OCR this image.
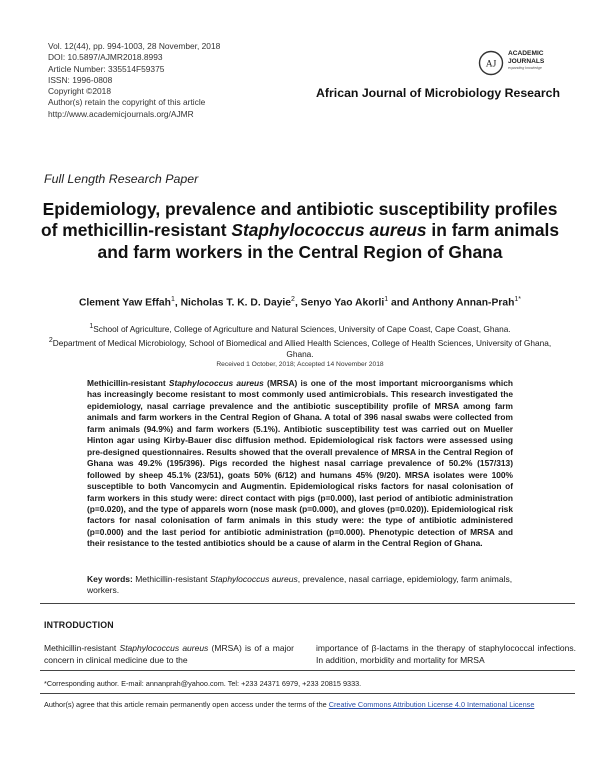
Vol. 12(44), pp. 994-1003, 28 November, 2018
DOI: 10.5897/AJMR2018.8993
Article Number: 335514F59375
ISSN: 1996-0808
Copyright ©2018
Author(s) retain the copyright of this article
http://www.academicjournals.org/AJMR
AJ
ACADEMIC
JOURNALS
expanding knowledge
African Journal of Microbiology Research
Full Length Research Paper
Epidemiology, prevalence and antibiotic susceptibility profiles of methicillin-resistant Staphylococcus aureus in farm animals and farm workers in the Central Region of Ghana
Clement Yaw Effah$^1$, Nicholas T. K. D. Dayie$^2$, Senyo Yao Akorli$^1$ and Anthony Annan-Prah$^{1*}$
$^1$School of Agriculture, College of Agriculture and Natural Sciences, University of Cape Coast, Cape Coast, Ghana.
$^2$Department of Medical Microbiology, School of Biomedical and Allied Health Sciences, College of Health Sciences, University of Ghana, Ghana.
Received 1 October, 2018; Accepted 14 November 2018
Methicillin-resistant Staphylococcus aureus (MRSA) is one of the most important microorganisms which has increasingly become resistant to most commonly used antimicrobials. This research investigated the epidemiology, nasal carriage prevalence and the antibiotic susceptibility profile of MRSA among farm animals and farm workers in the Central Region of Ghana. A total of 396 nasal swabs were collected from farm animals (94.9%) and farm workers (5.1%). Antibiotic susceptibility test was carried out on Mueller Hinton agar using Kirby-Bauer disc diffusion method. Epidemiological risk factors were assessed using pre-designed questionnaires. Results showed that the overall prevalence of MRSA in the Central Region of Ghana was 49.2% (195/396). Pigs recorded the highest nasal carriage prevalence of 50.2% (157/313) followed by sheep 45.1% (23/51), goats 50% (6/12) and humans 45% (9/20). MRSA isolates were 100% susceptible to both Vancomycin and Augmentin. Epidemiological risks factors for nasal colonisation of farm workers in this study were: direct contact with pigs (p=0.000), last period of antibiotic administration (p=0.020), and the type of apparels worn (nose mask (p=0.000), and gloves (p=0.020)). Epidemiological risk factors for nasal colonisation of farm animals in this study were: the type of antibiotic administered (p=0.000) and the last period for antibiotic administration (p=0.000). Phenotypic detection of MRSA and their resistance to the tested antibiotics should be a cause of alarm in the Central Region of Ghana.
Key words: Methicillin-resistant Staphylococcus aureus, prevalence, nasal carriage, epidemiology, farm animals, workers.
INTRODUCTION
Methicillin-resistant Staphylococcus aureus (MRSA) is of a major concern in clinical medicine due to the
importance of β-lactams in the therapy of staphylococcal infections. In addition, morbidity and mortality for MRSA
*Corresponding author. E-mail: annanprah@yahoo.com. Tel: +233 24371 6979, +233 20815 9333.
Author(s) agree that this article remain permanently open access under the terms of the Creative Commons Attribution License 4.0 International License
